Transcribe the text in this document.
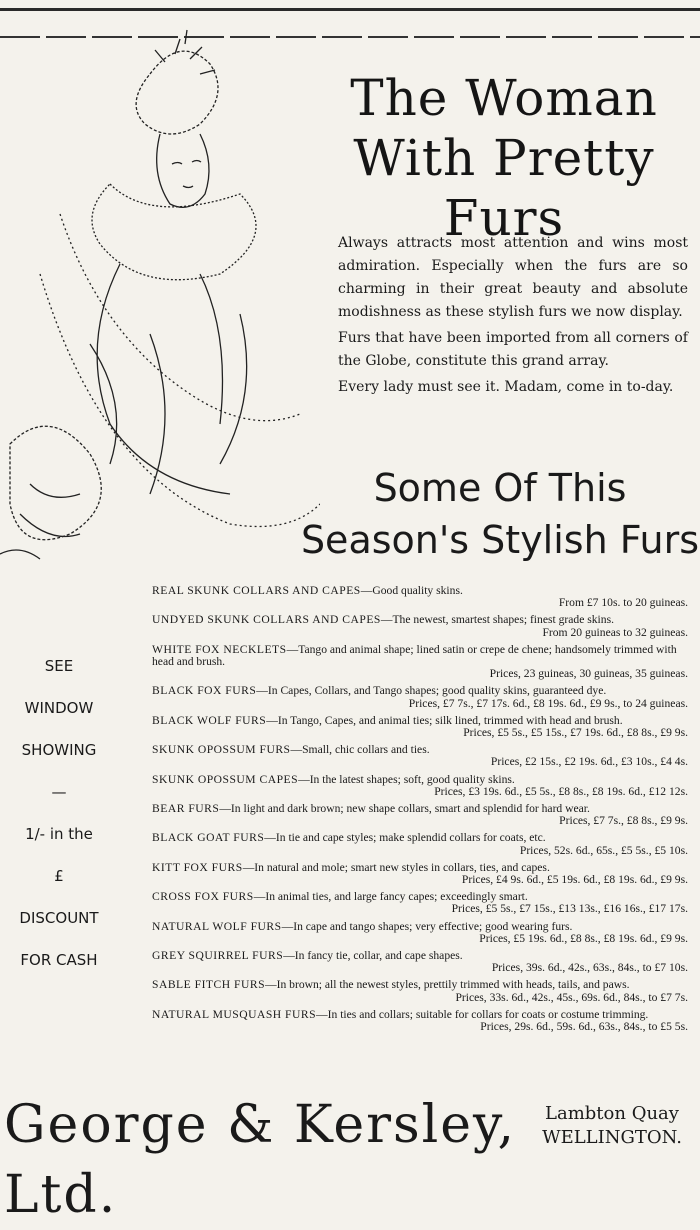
The Woman
With Pretty Furs

Always attracts most attention and wins most admiration. Especially when the furs are so charming in their great beauty and absolute modishness as these stylish furs we now display.

Furs that have been imported from all corners of the Globe, constitute this grand array.

Every lady must see it. Madam, come in to-day.

Some Of This
Season's Stylish Furs
SEE
WINDOW
SHOWING
—
1/- in the
£
DISCOUNT
FOR CASH
REAL SKUNK COLLARS AND CAPES—Good quality skins.
From £7 10s. to 20 guineas.
UNDYED SKUNK COLLARS AND CAPES—The newest, smartest shapes; finest grade skins.
From 20 guineas to 32 guineas.
WHITE FOX NECKLETS—Tango and animal shape; lined satin or crepe de chene; handsomely trimmed with head and brush.
Prices, 23 guineas, 30 guineas, 35 guineas.
BLACK FOX FURS—In Capes, Collars, and Tango shapes; good quality skins, guaranteed dye.
Prices, £7 7s., £7 17s. 6d., £8 19s. 6d., £9 9s., to 24 guineas.
BLACK WOLF FURS—In Tango, Capes, and animal ties; silk lined, trimmed with head and brush.
Prices, £5 5s., £5 15s., £7 19s. 6d., £8 8s., £9 9s.
SKUNK OPOSSUM FURS—Small, chic collars and ties.
Prices, £2 15s., £2 19s. 6d., £3 10s., £4 4s.
SKUNK OPOSSUM CAPES—In the latest shapes; soft, good quality skins.
Prices, £3 19s. 6d., £5 5s., £8 8s., £8 19s. 6d., £12 12s.
BEAR FURS—In light and dark brown; new shape collars, smart and splendid for hard wear.
Prices, £7 7s., £8 8s., £9 9s.
BLACK GOAT FURS—In tie and cape styles; make splendid collars for coats, etc.
Prices, 52s. 6d., 65s., £5 5s., £5 10s.
KITT FOX FURS—In natural and mole; smart new styles in collars, ties, and capes.
Prices, £4 9s. 6d., £5 19s. 6d., £8 19s. 6d., £9 9s.
CROSS FOX FURS—In animal ties, and large fancy capes; exceedingly smart.
Prices, £5 5s., £7 15s., £13 13s., £16 16s., £17 17s.
NATURAL WOLF FURS—In cape and tango shapes; very effective; good wearing furs.
Prices, £5 19s. 6d., £8 8s., £8 19s. 6d., £9 9s.
GREY SQUIRREL FURS—In fancy tie, collar, and cape shapes.
Prices, 39s. 6d., 42s., 63s., 84s., to £7 10s.
SABLE FITCH FURS—In brown; all the newest styles, prettily trimmed with heads, tails, and paws.
Prices, 33s. 6d., 42s., 45s., 69s. 6d., 84s., to £7 7s.
NATURAL MUSQUASH FURS—In ties and collars; suitable for collars for coats or costume trimming.
Prices, 29s. 6d., 59s. 6d., 63s., 84s., to £5 5s.
George & Kersley, Ltd.
Lambton Quay
WELLINGTON.
